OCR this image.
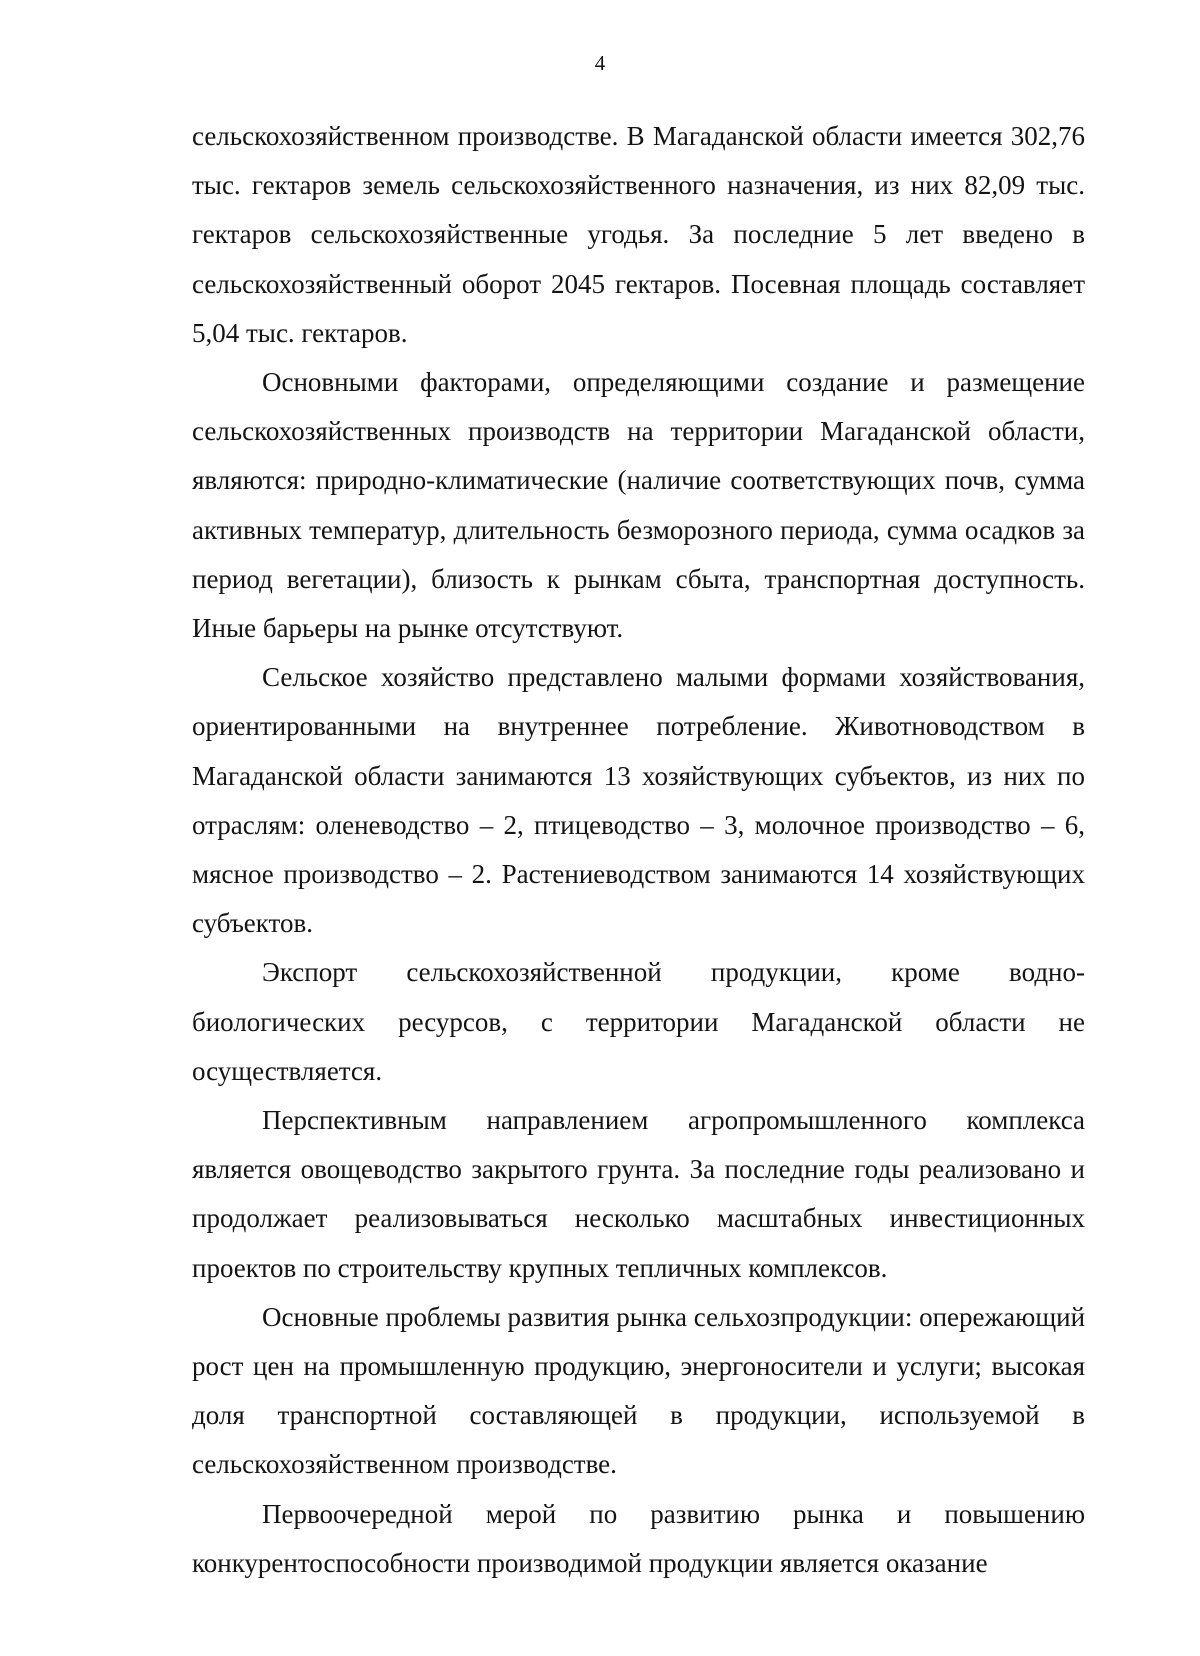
4

сельскохозяйственном производстве. В Магаданской области имеется 302,76 тыс. гектаров земель сельскохозяйственного назначения, из них 82,09 тыс. гектаров сельскохозяйственные угодья. За последние 5 лет введено в сельскохозяйственный оборот 2045 гектаров. Посевная площадь составляет 5,04 тыс. гектаров.

Основными факторами, определяющими создание и размещение сельскохозяйственных производств на территории Магаданской области, являются: природно-климатические (наличие соответствующих почв, сумма активных температур, длительность безморозного периода, сумма осадков за период вегетации), близость к рынкам сбыта, транспортная доступность. Иные барьеры на рынке отсутствуют.

Сельское хозяйство представлено малыми формами хозяйствования, ориентированными на внутреннее потребление. Животноводством в Магаданской области занимаются 13 хозяйствующих субъектов, из них по отраслям: оленеводство – 2, птицеводство – 3, молочное производство – 6, мясное производство – 2. Растениеводством занимаются 14 хозяйствующих субъектов.

Экспорт сельскохозяйственной продукции, кроме водно-биологических ресурсов, с территории Магаданской области не осуществляется.

Перспективным направлением агропромышленного комплекса является овощеводство закрытого грунта. За последние годы реализовано и продолжает реализовываться несколько масштабных инвестиционных проектов по строительству крупных тепличных комплексов.

Основные проблемы развития рынка сельхозпродукции: опережающий рост цен на промышленную продукцию, энергоносители и услуги; высокая доля транспортной составляющей в продукции, используемой в сельскохозяйственном производстве.

Первоочередной мерой по развитию рынка и повышению конкурентоспособности производимой продукции является оказание
